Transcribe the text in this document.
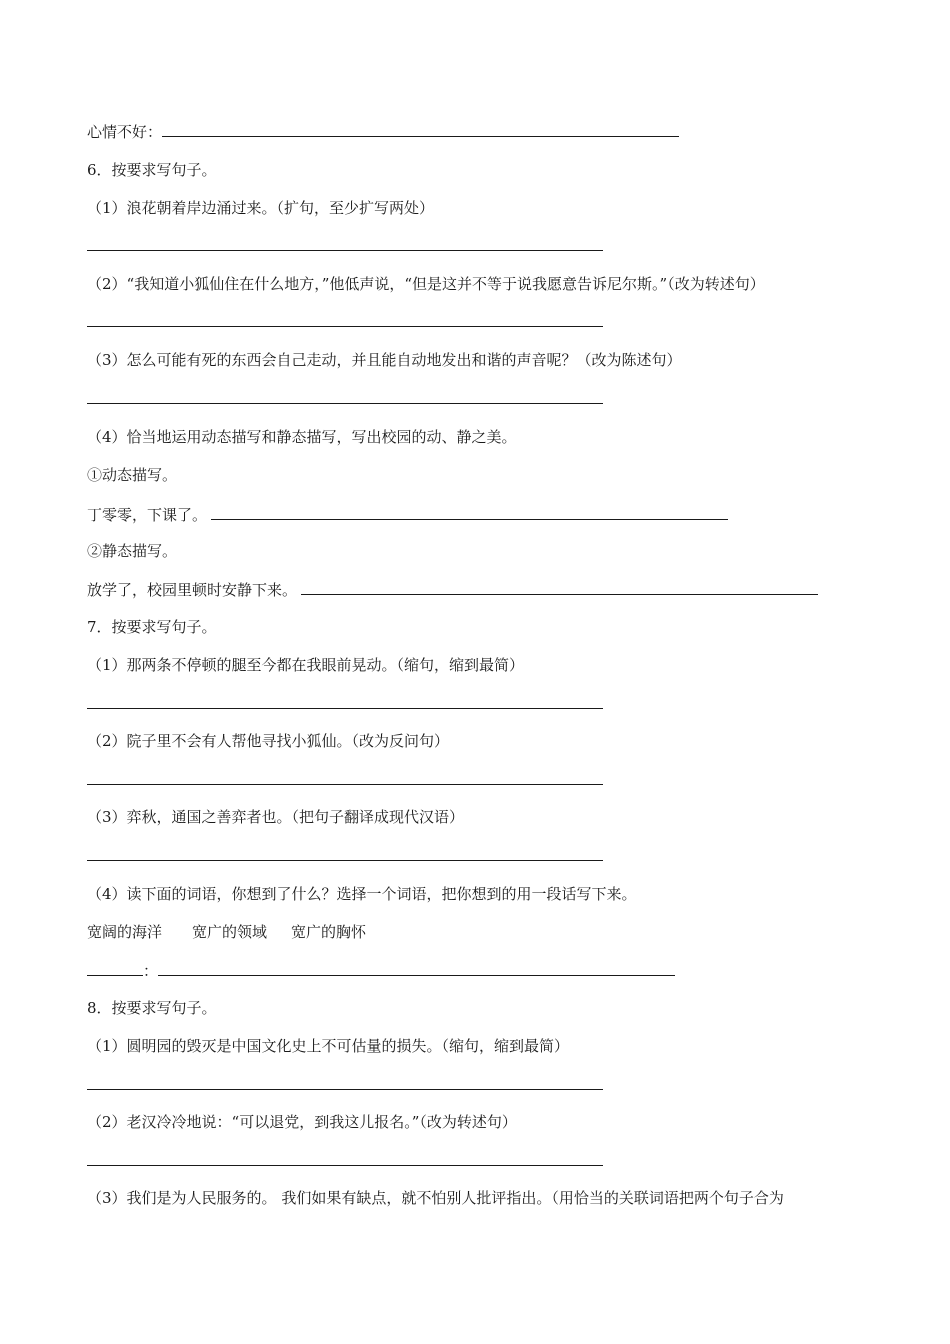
心情不好：
6．按要求写句子。
（1）浪花朝着岸边涌过来。（扩句，至少扩写两处）
（2）“我知道小狐仙住在什么地方，”他低声说，“但是这并不等于说我愿意告诉尼尔斯。”（改为转述句）
（3）怎么可能有死的东西会自己走动，并且能自动地发出和谐的声音呢？（改为陈述句）
（4）恰当地运用动态描写和静态描写，写出校园的动、静之美。
①动态描写。
丁零零，下课了。
②静态描写。
放学了，校园里顿时安静下来。
7．按要求写句子。
（1）那两条不停顿的腿至今都在我眼前晃动。（缩句，缩到最简）
（2）院子里不会有人帮他寻找小狐仙。（改为反问句）
（3）弈秋，通国之善弈者也。（把句子翻译成现代汉语）
（4）读下面的词语，你想到了什么？选择一个词语，把你想到的用一段话写下来。
宽阔的海洋 宽广的领域 宽广的胸怀
：
8．按要求写句子。
（1）圆明园的毁灭是中国文化史上不可估量的损失。（缩句，缩到最简）
（2）老汉冷冷地说：“可以退党，到我这儿报名。”（改为转述句）
（3）我们是为人民服务的。 我们如果有缺点，就不怕别人批评指出。（用恰当的关联词语把两个句子合为
